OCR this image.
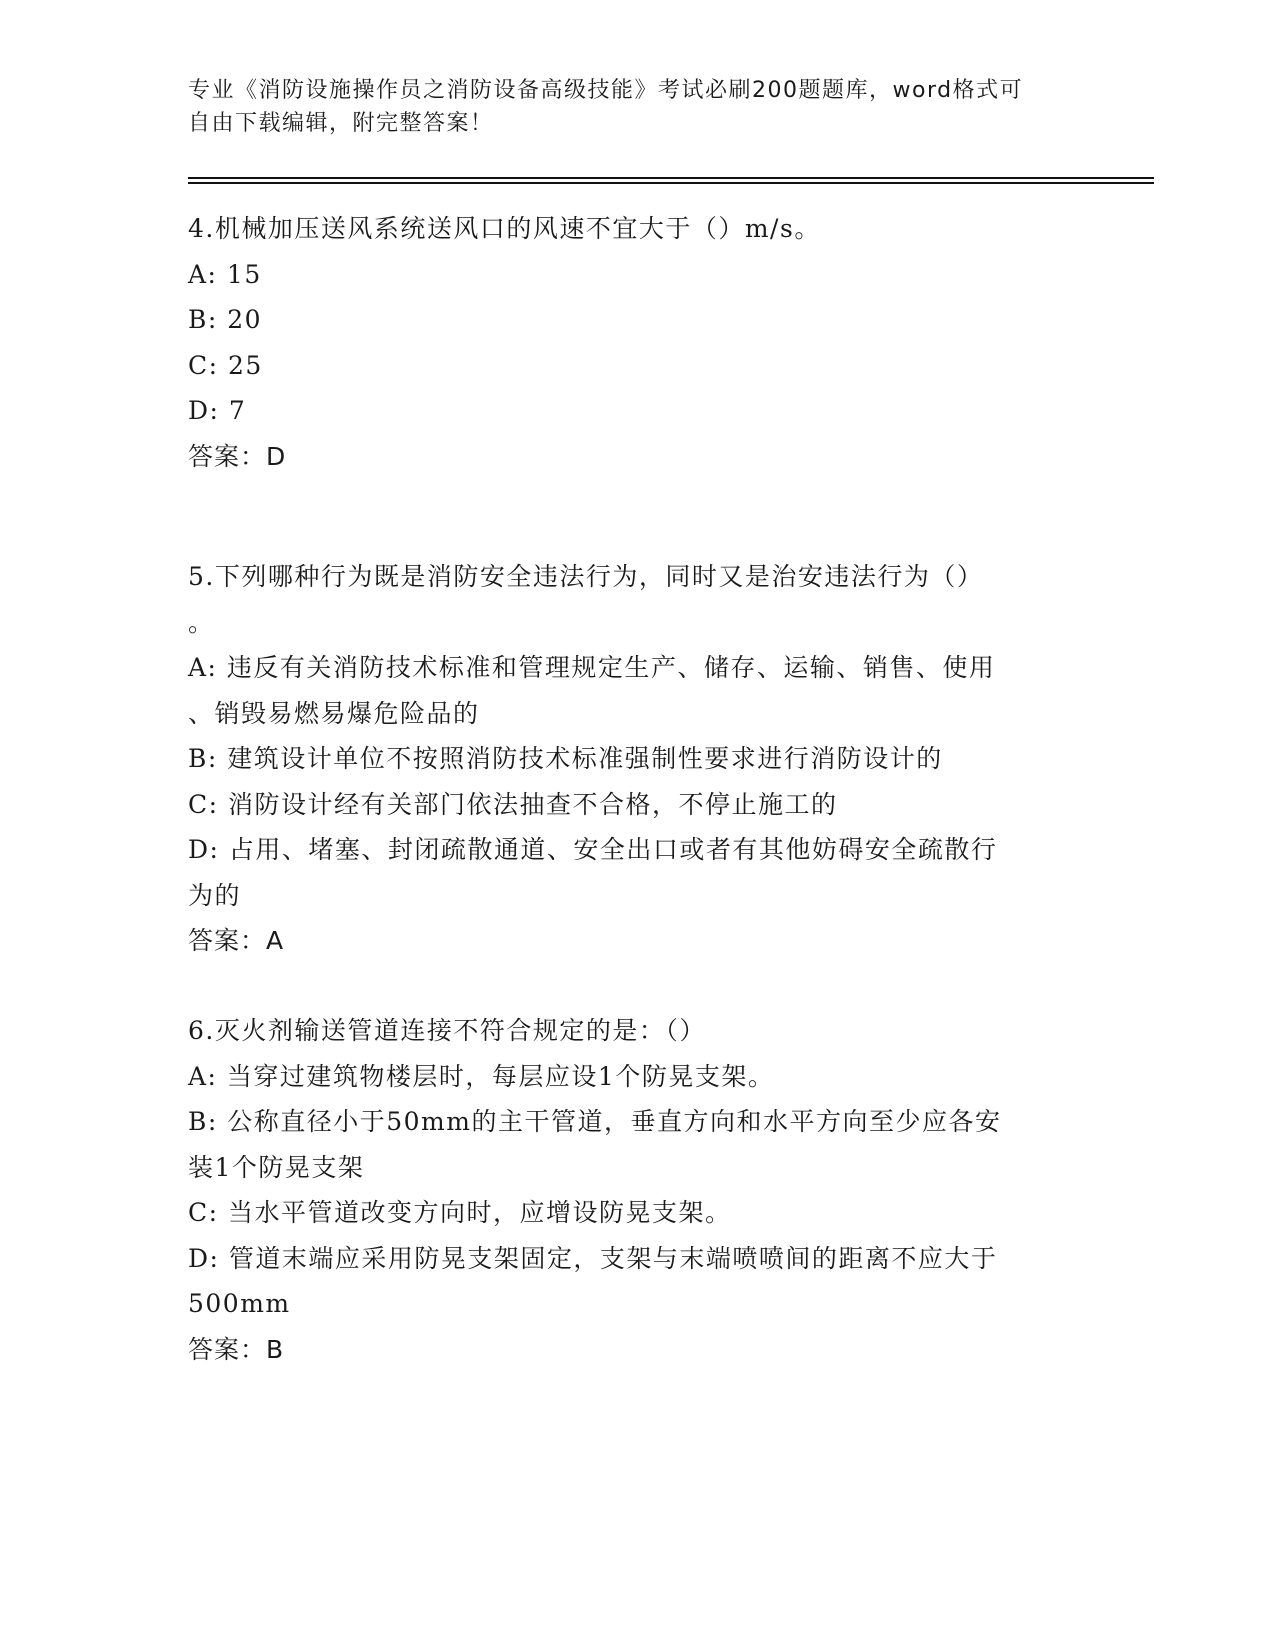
专业《消防设施操作员之消防设备高级技能》考试必刷200题题库，word格式可
自由下载编辑，附完整答案！

4.机械加压送风系统送风口的风速不宜大于（）m/s。

A: 15

B: 20

C: 25

D: 7

答案：D

5.下列哪种行为既是消防安全违法行为，同时又是治安违法行为（）

。

A: 违反有关消防技术标准和管理规定生产、储存、运输、销售、使用

、销毁易燃易爆危险品的

B: 建筑设计单位不按照消防技术标准强制性要求进行消防设计的

C: 消防设计经有关部门依法抽查不合格，不停止施工的

D: 占用、堵塞、封闭疏散通道、安全出口或者有其他妨碍安全疏散行

为的

答案：A

6.灭火剂输送管道连接不符合规定的是：（）

A: 当穿过建筑物楼层时，每层应设1个防晃支架。

B: 公称直径小于50mm的主干管道，垂直方向和水平方向至少应各安

装1个防晃支架

C: 当水平管道改变方向时，应增设防晃支架。

D: 管道末端应采用防晃支架固定，支架与末端喷喷间的距离不应大于

500mm

答案：B
